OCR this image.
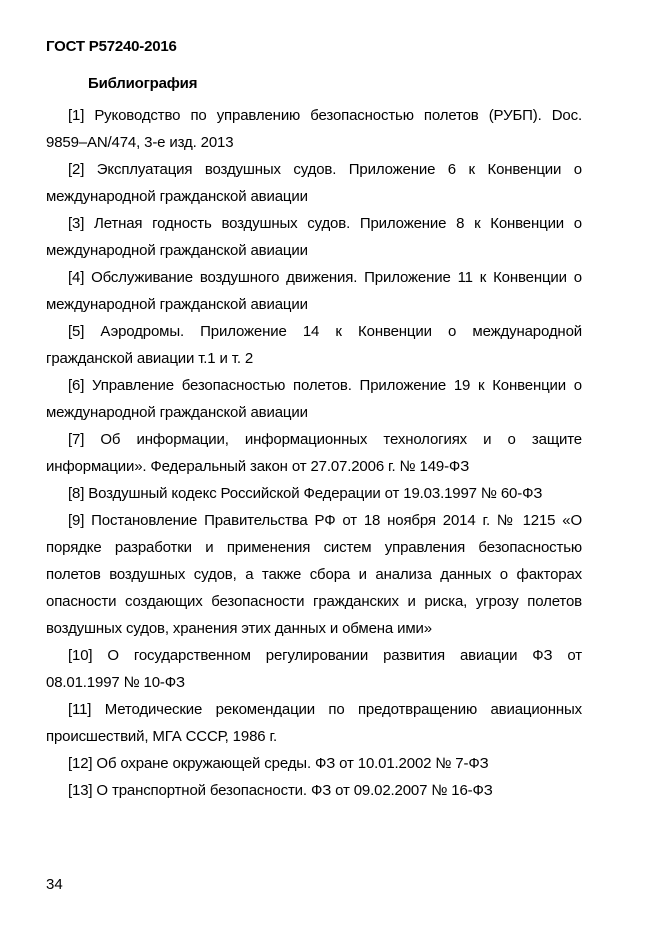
ГОСТ Р57240-2016
Библиография

[1] Руководство по управлению безопасностью полетов (РУБП). Doc. 9859–AN/474, 3-е изд. 2013

[2] Эксплуатация воздушных судов. Приложение 6 к Конвенции о международной гражданской авиации

[3] Летная годность воздушных судов. Приложение 8 к Конвенции о международной гражданской авиации

[4] Обслуживание воздушного движения. Приложение 11 к Конвенции о международной гражданской авиации

[5] Аэродромы. Приложение 14 к Конвенции о международной гражданской авиации т.1 и т. 2

[6] Управление безопасностью полетов. Приложение 19 к Конвенции о международной гражданской авиации

[7] Об информации, информационных технологиях и о защите информации». Федеральный закон от 27.07.2006 г. № 149-ФЗ

[8] Воздушный кодекс Российской Федерации от 19.03.1997 № 60-ФЗ

[9] Постановление Правительства РФ от 18 ноября 2014 г. № 1215 «О порядке разработки и применения систем управления безопасностью полетов воздушных судов, а также сбора и анализа данных о факторах опасности создающих безопасности гражданских и риска, угрозу полетов воздушных судов, хранения этих данных и обмена ими»

[10] О государственном регулировании развития авиации ФЗ от 08.01.1997 № 10-ФЗ

[11] Методические рекомендации по предотвращению авиационных происшествий, МГА СССР, 1986 г.

[12] Об охране окружающей среды. ФЗ от 10.01.2002 № 7-ФЗ

[13] О транспортной безопасности. ФЗ от 09.02.2007 № 16-ФЗ

34
